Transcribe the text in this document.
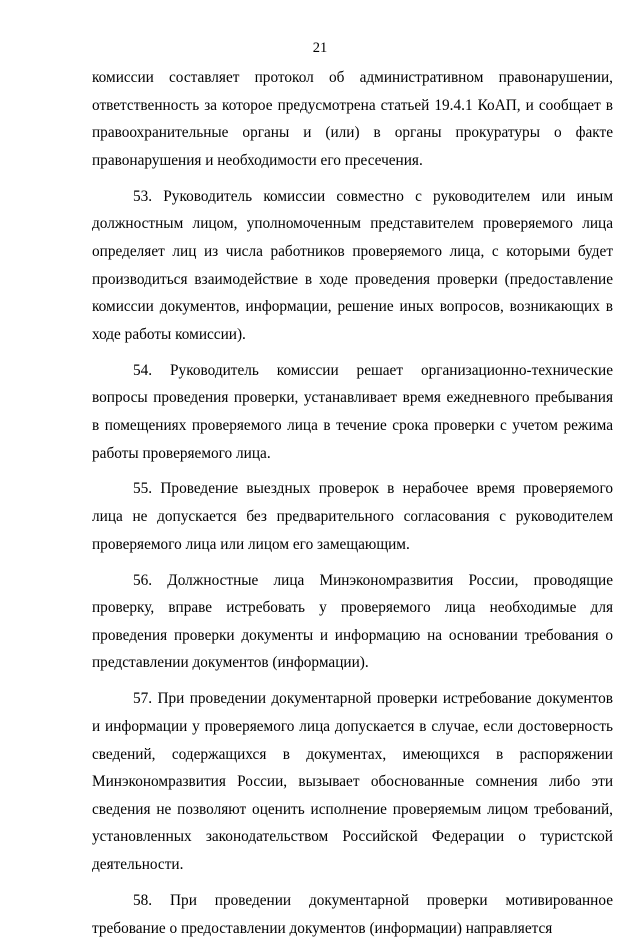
21

комиссии составляет протокол об административном правонарушении, ответственность за которое предусмотрена статьей 19.4.1 КоАП, и сообщает в правоохранительные органы и (или) в органы прокуратуры о факте правонарушения и необходимости его пресечения.

53. Руководитель комиссии совместно с руководителем или иным должностным лицом, уполномоченным представителем проверяемого лица определяет лиц из числа работников проверяемого лица, с которыми будет производиться взаимодействие в ходе проведения проверки (предоставление комиссии документов, информации, решение иных вопросов, возникающих в ходе работы комиссии).

54. Руководитель комиссии решает организационно-технические вопросы проведения проверки, устанавливает время ежедневного пребывания в помещениях проверяемого лица в течение срока проверки с учетом режима работы проверяемого лица.

55. Проведение выездных проверок в нерабочее время проверяемого лица не допускается без предварительного согласования с руководителем проверяемого лица или лицом его замещающим.

56. Должностные лица Минэкономразвития России, проводящие проверку, вправе истребовать у проверяемого лица необходимые для проведения проверки документы и информацию на основании требования о представлении документов (информации).

57. При проведении документарной проверки истребование документов и информации у проверяемого лица допускается в случае, если достоверность сведений, содержащихся в документах, имеющихся в распоряжении Минэкономразвития России, вызывает обоснованные сомнения либо эти сведения не позволяют оценить исполнение проверяемым лицом требований, установленных законодательством Российской Федерации о туристской деятельности.

58. При проведении документарной проверки мотивированное требование о предоставлении документов (информации) направляется
